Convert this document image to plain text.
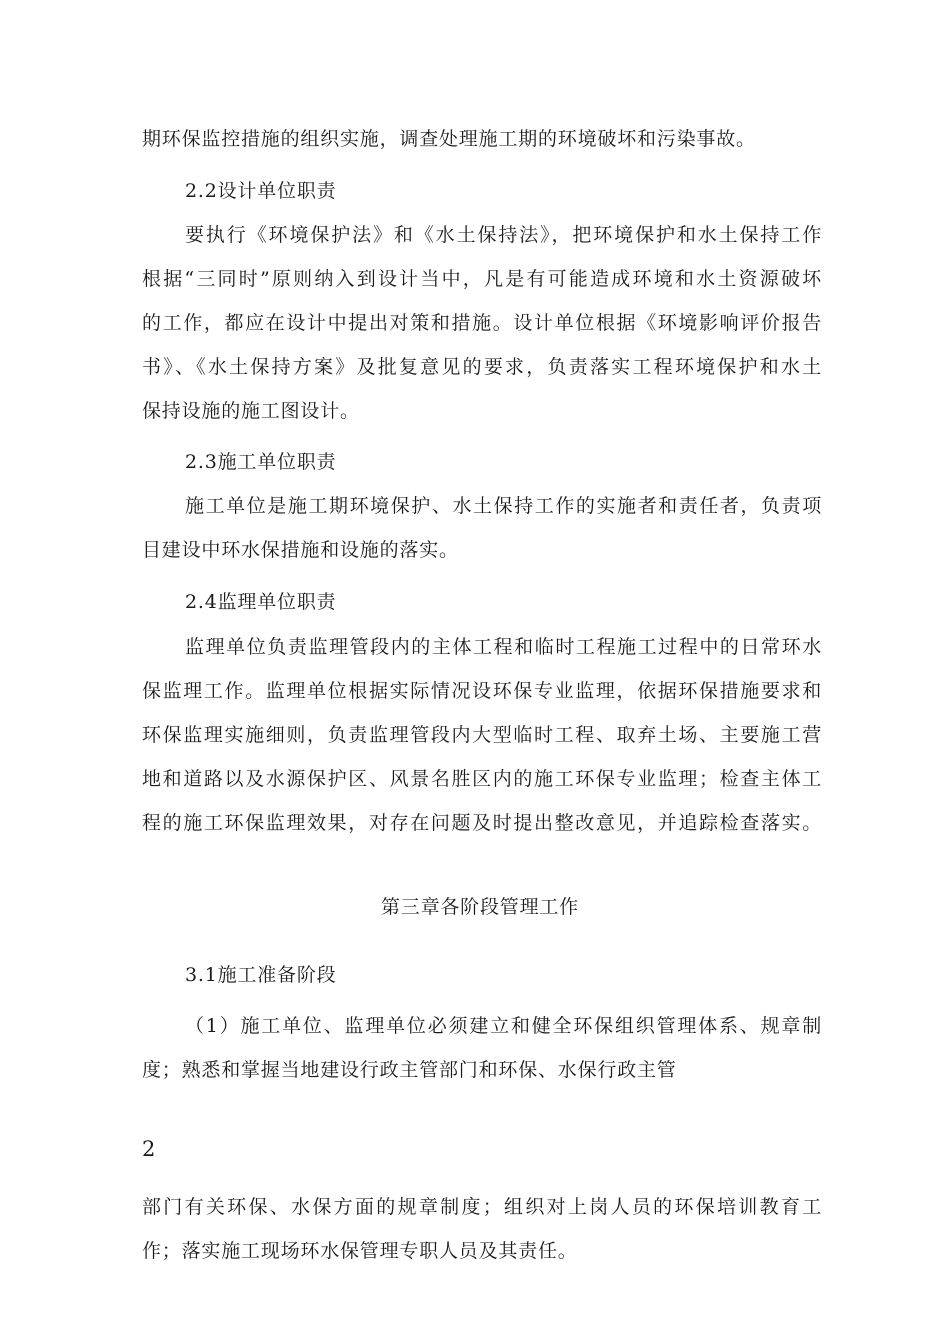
期环保监控措施的组织实施，调查处理施工期的环境破坏和污染事故。
2.2设计单位职责
要执行《环境保护法》和《水土保持法》，把环境保护和水土保持工作
根据“三同时”原则纳入到设计当中，凡是有可能造成环境和水土资源破坏
的工作，都应在设计中提出对策和措施。设计单位根据《环境影响评价报告
书》、《水土保持方案》及批复意见的要求，负责落实工程环境保护和水土
保持设施的施工图设计。
2.3施工单位职责
施工单位是施工期环境保护、水土保持工作的实施者和责任者，负责项
目建设中环水保措施和设施的落实。
2.4监理单位职责
监理单位负责监理管段内的主体工程和临时工程施工过程中的日常环水
保监理工作。监理单位根据实际情况设环保专业监理，依据环保措施要求和
环保监理实施细则，负责监理管段内大型临时工程、取弃土场、主要施工营
地和道路以及水源保护区、风景名胜区内的施工环保专业监理；检查主体工
程的施工环保监理效果，对存在问题及时提出整改意见，并追踪检查落实。
第三章各阶段管理工作
3.1施工准备阶段
（1）施工单位、监理单位必须建立和健全环保组织管理体系、规章制
度；熟悉和掌握当地建设行政主管部门和环保、水保行政主管
2
部门有关环保、水保方面的规章制度；组织对上岗人员的环保培训教育工
作；落实施工现场环水保管理专职人员及其责任。
